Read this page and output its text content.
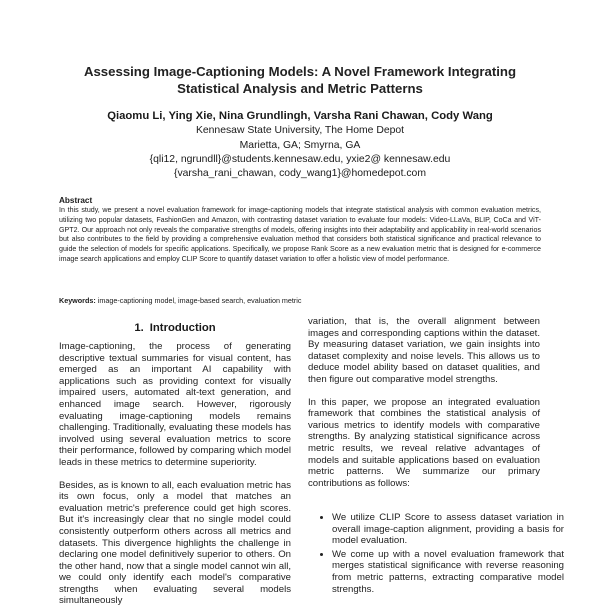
Assessing Image-Captioning Models: A Novel Framework Integrating Statistical Analysis and Metric Patterns
Qiaomu Li, Ying Xie, Nina Grundlingh, Varsha Rani Chawan, Cody Wang
Kennesaw State University, The Home Depot
Marietta, GA; Smyrna, GA
{qli12, ngrundll}@students.kennesaw.edu, yxie2@ kennesaw.edu
{varsha_rani_chawan, cody_wang1}@homedepot.com
Abstract
In this study, we present a novel evaluation framework for image-captioning models that integrate statistical analysis with common evaluation metrics, utilizing two popular datasets, FashionGen and Amazon, with contrasting dataset variation to evaluate four models: Video-LLaVa, BLIP, CoCa and ViT-GPT2. Our approach not only reveals the comparative strengths of models, offering insights into their adaptability and applicability in real-world scenarios but also contributes to the field by providing a comprehensive evaluation method that considers both statistical significance and practical relevance to guide the selection of models for specific applications. Specifically, we propose Rank Score as a new evaluation metric that is designed for e-commerce image search applications and employ CLIP Score to quantify dataset variation to offer a holistic view of model performance.
Keywords: image-captioning model, image-based search, evaluation metric
1. Introduction

Image-captioning, the process of generating descriptive textual summaries for visual content, has emerged as an important AI capability with applications such as providing context for visually impaired users, automated alt-text generation, and enhanced image search. However, rigorously evaluating image-captioning models remains challenging. Traditionally, evaluating these models has involved using several evaluation metrics to score their performance, followed by comparing which model leads in these metrics to determine superiority.

Besides, as is known to all, each evaluation metric has its own focus, only a model that matches an evaluation metric's preference could get high scores. But it's increasingly clear that no single model could consistently outperform others across all metrics and datasets. This divergence highlights the challenge in declaring one model definitively superior to others. On the other hand, now that a single model cannot win all, we could only identify each model's comparative strengths when evaluating several models simultaneously

variation, that is, the overall alignment between images and corresponding captions within the dataset. By measuring dataset variation, we gain insights into dataset complexity and noise levels. This allows us to deduce model ability based on dataset qualities, and then figure out comparative model strengths.

In this paper, we propose an integrated evaluation framework that combines the statistical analysis of various metrics to identify models with comparative strengths. By analyzing statistical significance across metric results, we reveal relative advantages of models and suitable applications based on evaluation metric patterns. We summarize our primary contributions as follows:

• We utilize CLIP Score to assess dataset variation in overall image-caption alignment, providing a basis for model evaluation.
• We come up with a novel evaluation framework that merges statistical significance with reverse reasoning from metric patterns, extracting comparative model strengths.
